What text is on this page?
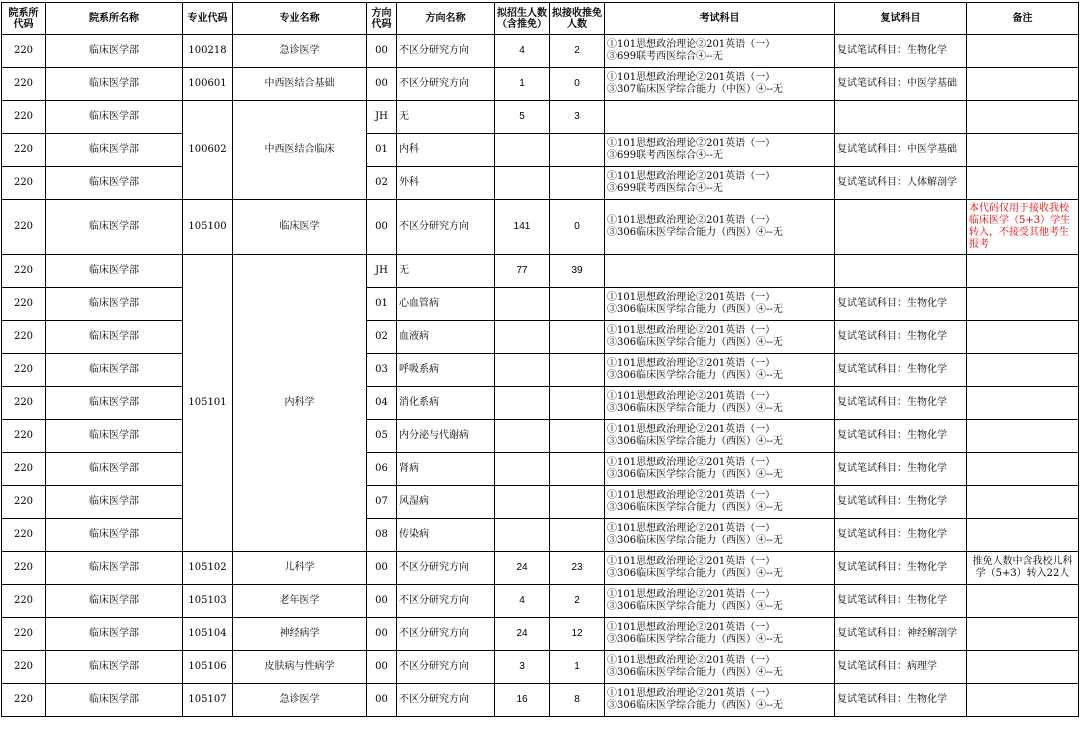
院系所代码	院系所名称	专业代码	专业名称	方向代码	方向名称	拟招生人数（含推免）	拟接收推免人数	考试科目	复试科目	备注
220	临床医学部	100218	急诊医学	00	不区分研究方向	4	2	①101思想政治理论②201英语（一）
③699联考西医综合④--无	复试笔试科目：生物化学	
220	临床医学部	100601	中西医结合基础	00	不区分研究方向	1	0	①101思想政治理论②201英语（一）
③307临床医学综合能力（中医）④--无	复试笔试科目：中医学基础	
220	临床医学部	100602	中西医结合临床	JH	无	5	3	

220	临床医学部			01	内科			①101思想政治理论②201英语（一）
③699联考西医综合④--无	复试笔试科目：中医学基础	
220	临床医学部			02	外科			①101思想政治理论②201英语（一）
③699联考西医综合④--无	复试笔试科目：人体解剖学	
220	临床医学部	105100	临床医学	00	不区分研究方向	141	0	①101思想政治理论②201英语（一）
③306临床医学综合能力（西医）④--无		本代码仅用于接收我校临床医学（5+3）学生转入，不接受其他考生报考
220	临床医学部	105101	内科学	JH	无	77	39	

220	临床医学部			01	心血管病			①101思想政治理论②201英语（一）
③306临床医学综合能力（西医）④--无	复试笔试科目：生物化学	
220	临床医学部			02	血液病			①101思想政治理论②201英语（一）
③306临床医学综合能力（西医）④--无	复试笔试科目：生物化学	
220	临床医学部			03	呼吸系病			①101思想政治理论②201英语（一）
③306临床医学综合能力（西医）④--无	复试笔试科目：生物化学	
220	临床医学部			04	消化系病			①101思想政治理论②201英语（一）
③306临床医学综合能力（西医）④--无	复试笔试科目：生物化学	
220	临床医学部			05	内分泌与代谢病			①101思想政治理论②201英语（一）
③306临床医学综合能力（西医）④--无	复试笔试科目：生物化学	
220	临床医学部			06	肾病			①101思想政治理论②201英语（一）
③306临床医学综合能力（西医）④--无	复试笔试科目：生物化学	
220	临床医学部			07	风湿病			①101思想政治理论②201英语（一）
③306临床医学综合能力（西医）④--无	复试笔试科目：生物化学	
220	临床医学部			08	传染病			①101思想政治理论②201英语（一）
③306临床医学综合能力（西医）④--无	复试笔试科目：生物化学	
220	临床医学部	105102	儿科学	00	不区分研究方向	24	23	①101思想政治理论②201英语（一）
③306临床医学综合能力（西医）④--无	复试笔试科目：生物化学	推免人数中含我校儿科学（5+3）转入22人
220	临床医学部	105103	老年医学	00	不区分研究方向	4	2	①101思想政治理论②201英语（一）
③306临床医学综合能力（西医）④--无	复试笔试科目：生物化学	
220	临床医学部	105104	神经病学	00	不区分研究方向	24	12	①101思想政治理论②201英语（一）
③306临床医学综合能力（西医）④--无	复试笔试科目：神经解剖学	
220	临床医学部	105106	皮肤病与性病学	00	不区分研究方向	3	1	①101思想政治理论②201英语（一）
③306临床医学综合能力（西医）④--无	复试笔试科目：病理学	
220	临床医学部	105107	急诊医学	00	不区分研究方向	16	8	①101思想政治理论②201英语（一）
③306临床医学综合能力（西医）④--无	复试笔试科目：生物化学	
